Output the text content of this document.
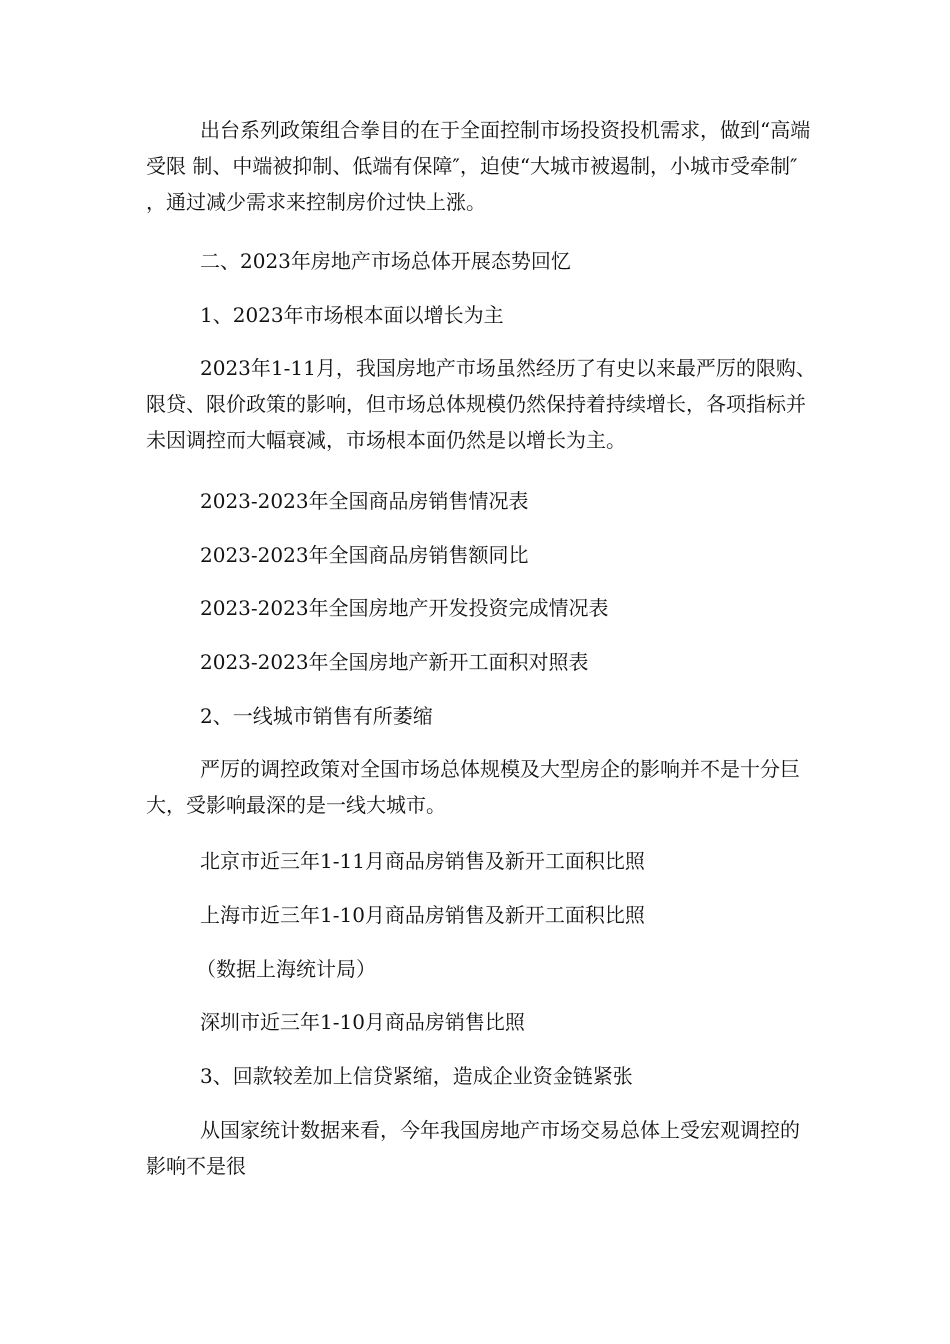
出台系列政策组合拳目的在于全面控制市场投资投机需求，做到“高端受限 制、中端被抑制、低端有保障″，迫使“大城市被遏制，小城市受牵制″ ，通过减少需求来控制房价过快上涨。

二、2023年房地产市场总体开展态势回忆

1、2023年市场根本面以增长为主

2023年1-11月，我国房地产市场虽然经历了有史以来最严厉的限购、限贷、限价政策的影响，但市场总体规模仍然保持着持续增长，各项指标并未因调控而大幅衰减，市场根本面仍然是以增长为主。

2023-2023年全国商品房销售情况表

2023-2023年全国商品房销售额同比

2023-2023年全国房地产开发投资完成情况表

2023-2023年全国房地产新开工面积对照表

2、一线城市销售有所萎缩

严厉的调控政策对全国市场总体规模及大型房企的影响并不是十分巨大，受影响最深的是一线大城市。

北京市近三年1-11月商品房销售及新开工面积比照

上海市近三年1-10月商品房销售及新开工面积比照

（数据上海统计局）

深圳市近三年1-10月商品房销售比照

3、回款较差加上信贷紧缩，造成企业资金链紧张

从国家统计数据来看，今年我国房地产市场交易总体上受宏观调控的影响不是很
